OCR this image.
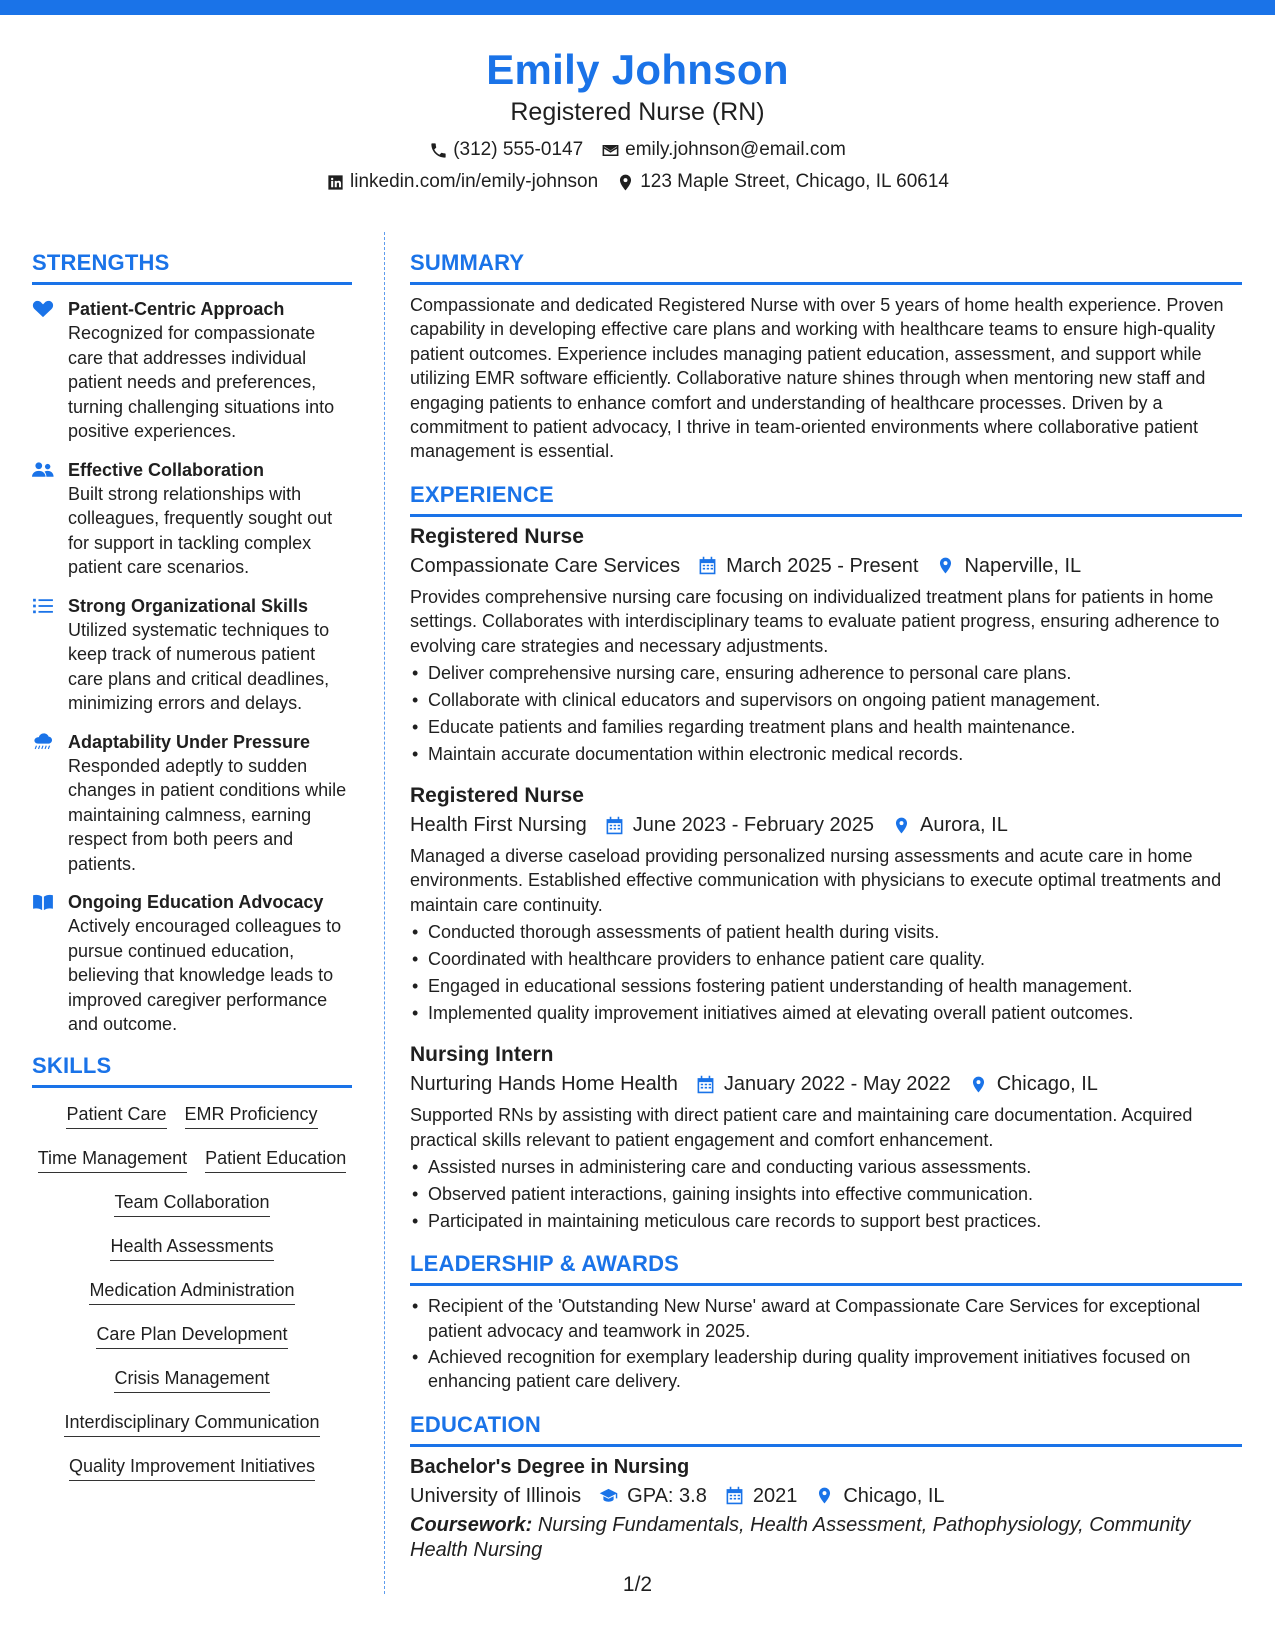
Emily Johnson
Registered Nurse (RN)
(312) 555-0147 emily.johnson@email.com
linkedin.com/in/emily-johnson 123 Maple Street, Chicago, IL 60614
STRENGTHS
Patient-Centric Approach
Recognized for compassionate care that addresses individual patient needs and preferences, turning challenging situations into positive experiences.
Effective Collaboration
Built strong relationships with colleagues, frequently sought out for support in tackling complex patient care scenarios.
Strong Organizational Skills
Utilized systematic techniques to keep track of numerous patient care plans and critical deadlines, minimizing errors and delays.
Adaptability Under Pressure
Responded adeptly to sudden changes in patient conditions while maintaining calmness, earning respect from both peers and patients.
Ongoing Education Advocacy
Actively encouraged colleagues to pursue continued education, believing that knowledge leads to improved caregiver performance and outcome.
SKILLS
Patient Care EMR Proficiency
Time Management Patient Education
Team Collaboration
Health Assessments
Medication Administration
Care Plan Development
Crisis Management
Interdisciplinary Communication
Quality Improvement Initiatives
SUMMARY

Compassionate and dedicated Registered Nurse with over 5 years of home health experience. Proven capability in developing effective care plans and working with healthcare teams to ensure high-quality patient outcomes. Experience includes managing patient education, assessment, and support while utilizing EMR software efficiently. Collaborative nature shines through when mentoring new staff and engaging patients to enhance comfort and understanding of healthcare processes. Driven by a commitment to patient advocacy, I thrive in team-oriented environments where collaborative patient management is essential.

EXPERIENCE
Registered Nurse
Compassionate Care Services March 2025 - Present Naperville, IL

Provides comprehensive nursing care focusing on individualized treatment plans for patients in home settings. Collaborates with interdisciplinary teams to evaluate patient progress, ensuring adherence to evolving care strategies and necessary adjustments.

• Deliver comprehensive nursing care, ensuring adherence to personal care plans.
• Collaborate with clinical educators and supervisors on ongoing patient management.
• Educate patients and families regarding treatment plans and health maintenance.
• Maintain accurate documentation within electronic medical records.
Registered Nurse
Health First Nursing June 2023 - February 2025 Aurora, IL

Managed a diverse caseload providing personalized nursing assessments and acute care in home environments. Established effective communication with physicians to execute optimal treatments and maintain care continuity.

• Conducted thorough assessments of patient health during visits.
• Coordinated with healthcare providers to enhance patient care quality.
• Engaged in educational sessions fostering patient understanding of health management.
• Implemented quality improvement initiatives aimed at elevating overall patient outcomes.
Nursing Intern
Nurturing Hands Home Health January 2022 - May 2022 Chicago, IL

Supported RNs by assisting with direct patient care and maintaining care documentation. Acquired practical skills relevant to patient engagement and comfort enhancement.

• Assisted nurses in administering care and conducting various assessments.
• Observed patient interactions, gaining insights into effective communication.
• Participated in maintaining meticulous care records to support best practices.
LEADERSHIP & AWARDS
• Recipient of the 'Outstanding New Nurse' award at Compassionate Care Services for exceptional patient advocacy and teamwork in 2025.
• Achieved recognition for exemplary leadership during quality improvement initiatives focused on enhancing patient care delivery.
EDUCATION
Bachelor's Degree in Nursing
University of Illinois GPA: 3.8 2021 Chicago, IL

Coursework: Nursing Fundamentals, Health Assessment, Pathophysiology, Community Health Nursing

1/2
